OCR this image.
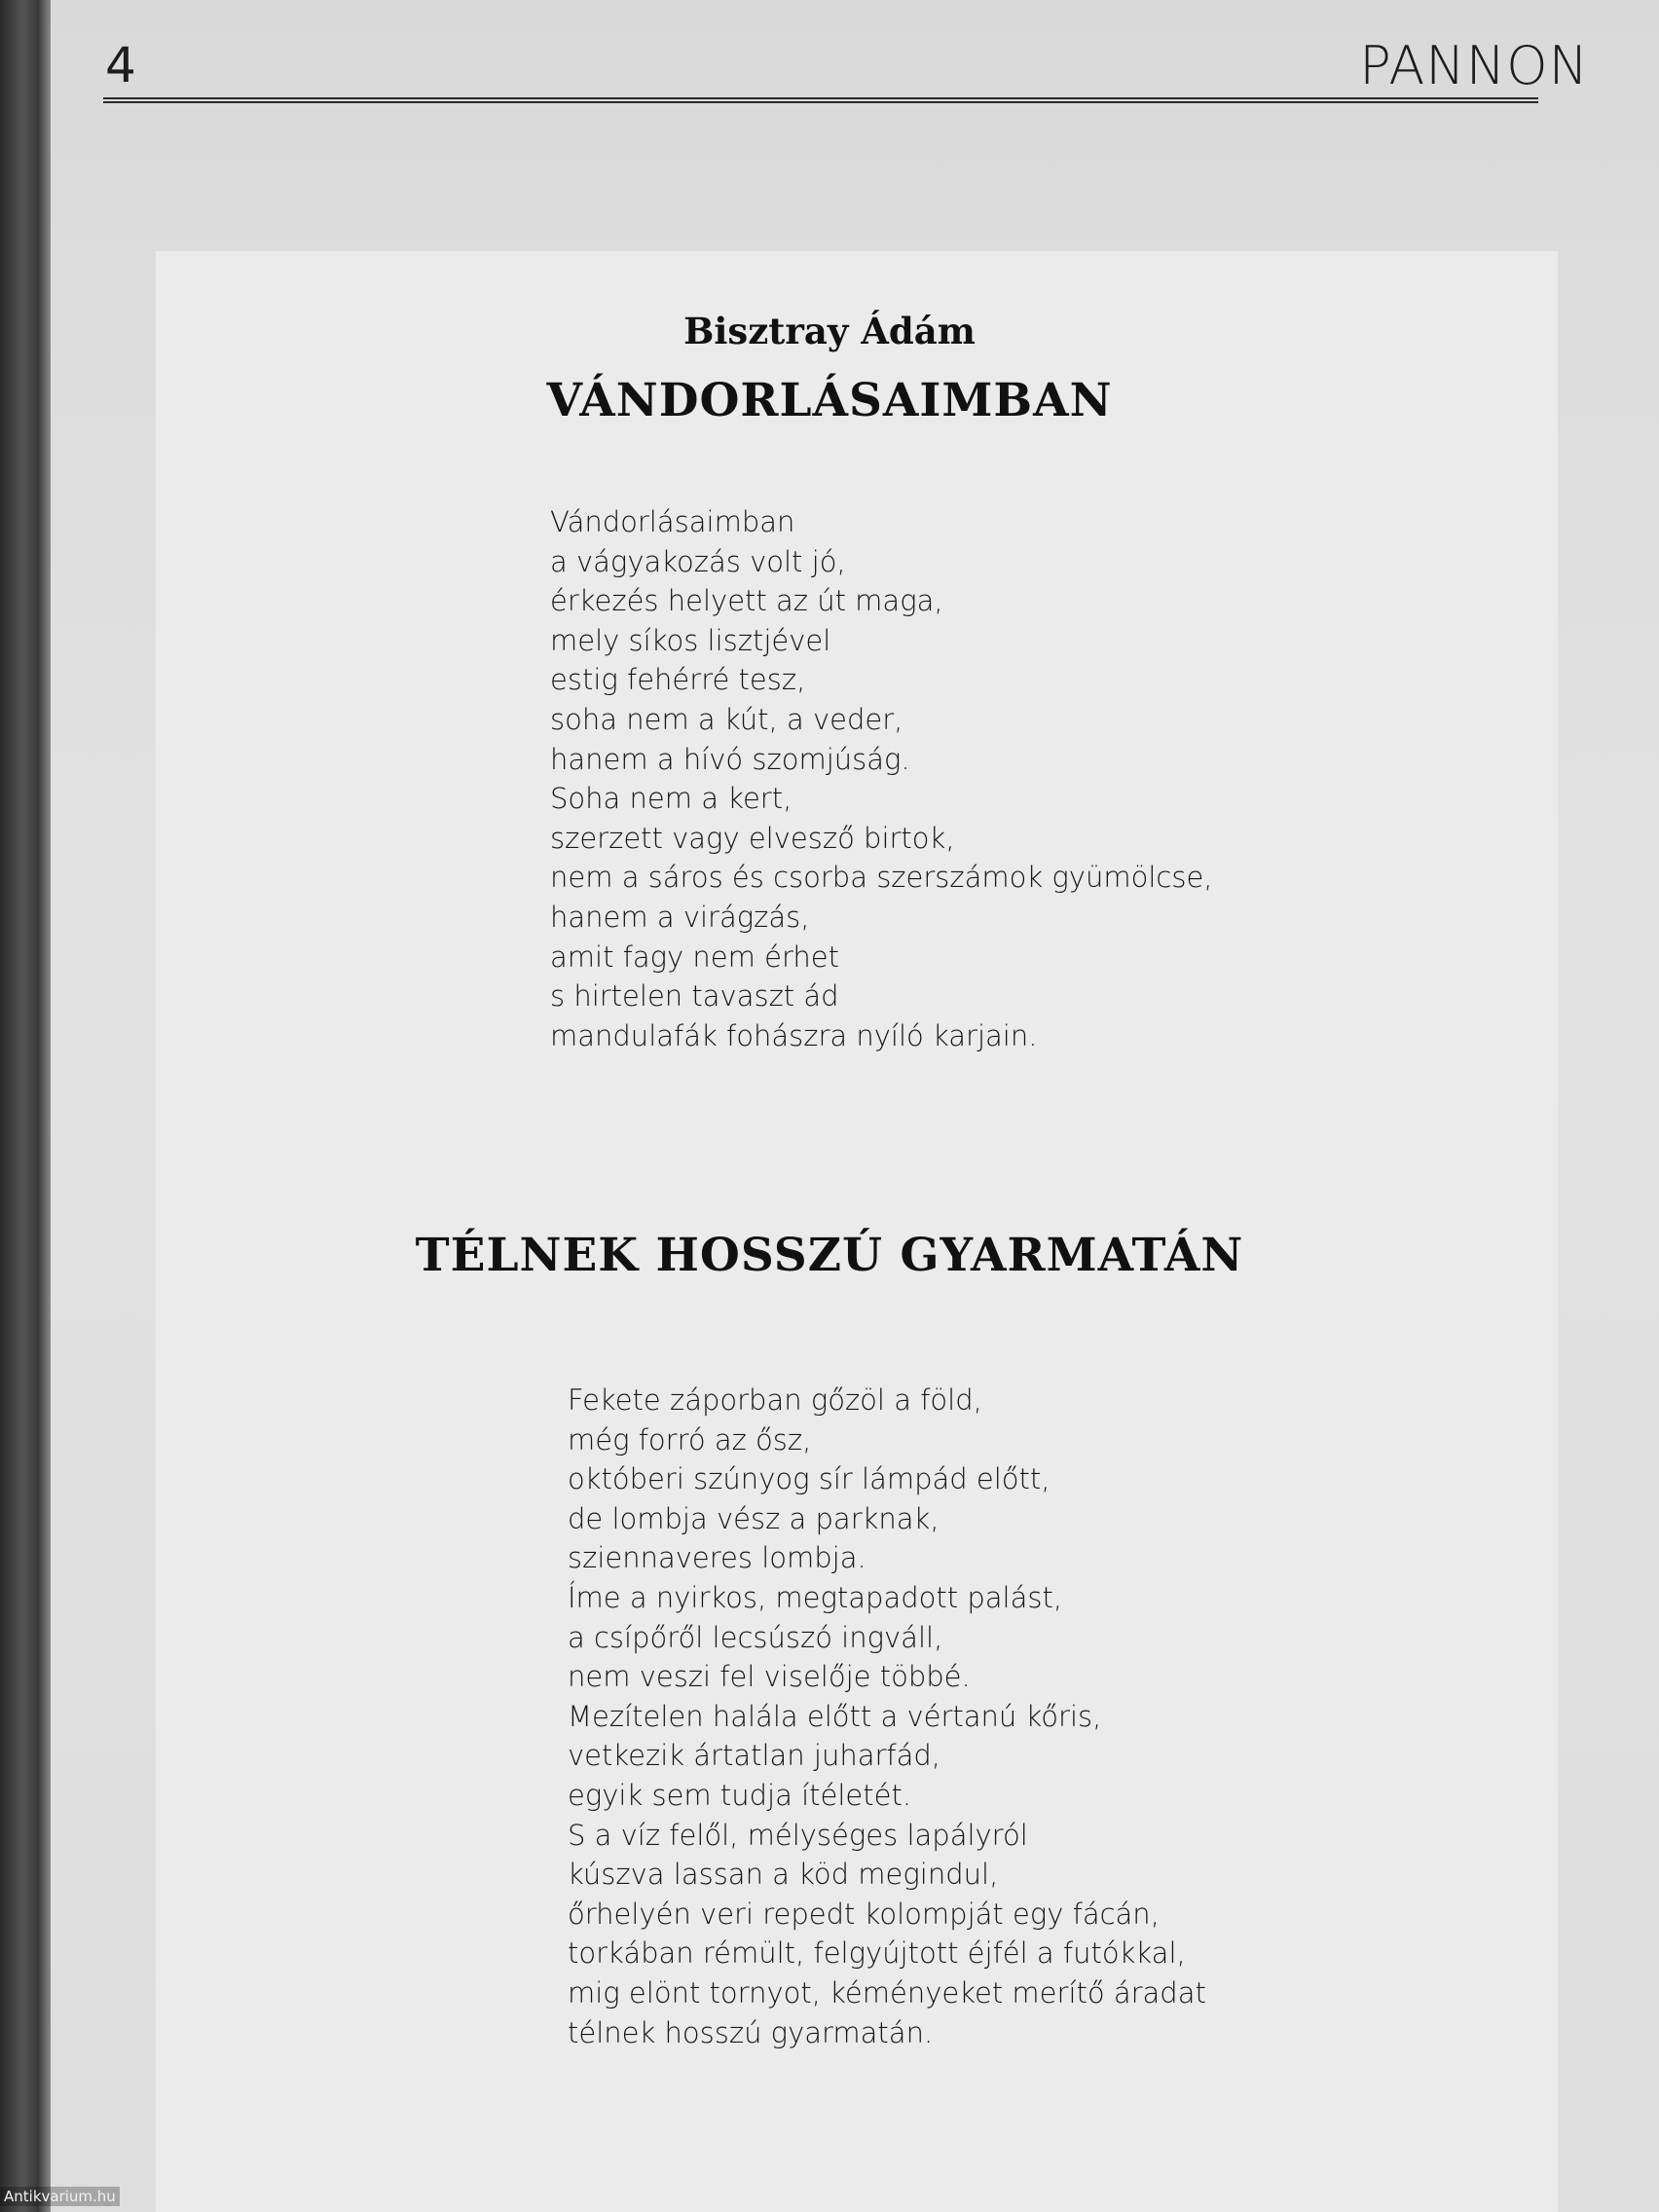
4	PANNON
Bisztray Ádám
VÁNDORLÁSAIMBAN
Vándorlásaimban
a vágyakozás volt jó,
érkezés helyett az út maga,
mely síkos lisztjével
estig fehérré tesz,
soha nem a kút, a veder,
hanem a hívó szomjúság.
Soha nem a kert,
szerzett vagy elvesző birtok,
nem a sáros és csorba szerszámok gyümölcse,
hanem a virágzás,
amit fagy nem érhet
s hirtelen tavaszt ád
mandulafák fohászra nyíló karjain.
TÉLNEK HOSSZÚ GYARMATÁN
Fekete záporban gőzöl a föld,
még forró az ősz,
októberi szúnyog sír lámpád előtt,
de lombja vész a parknak,
sziennaveres lombja.
Íme a nyirkos, megtapadott palást,
a csípőről lecsúszó ingváll,
nem veszi fel viselője többé.
Mezítelen halála előtt a vértanú kőris,
vetkezik ártatlan juharfád,
egyik sem tudja ítéletét.
S a víz felől, mélységes lapályról
kúszva lassan a köd megindul,
őrhelyén veri repedt kolompját egy fácán,
torkában rémült, felgyújtott éjfél a futókkal,
mig elönt tornyot, kéményeket merítő áradat
télnek hosszú gyarmatán.
Antikvarium.hu
